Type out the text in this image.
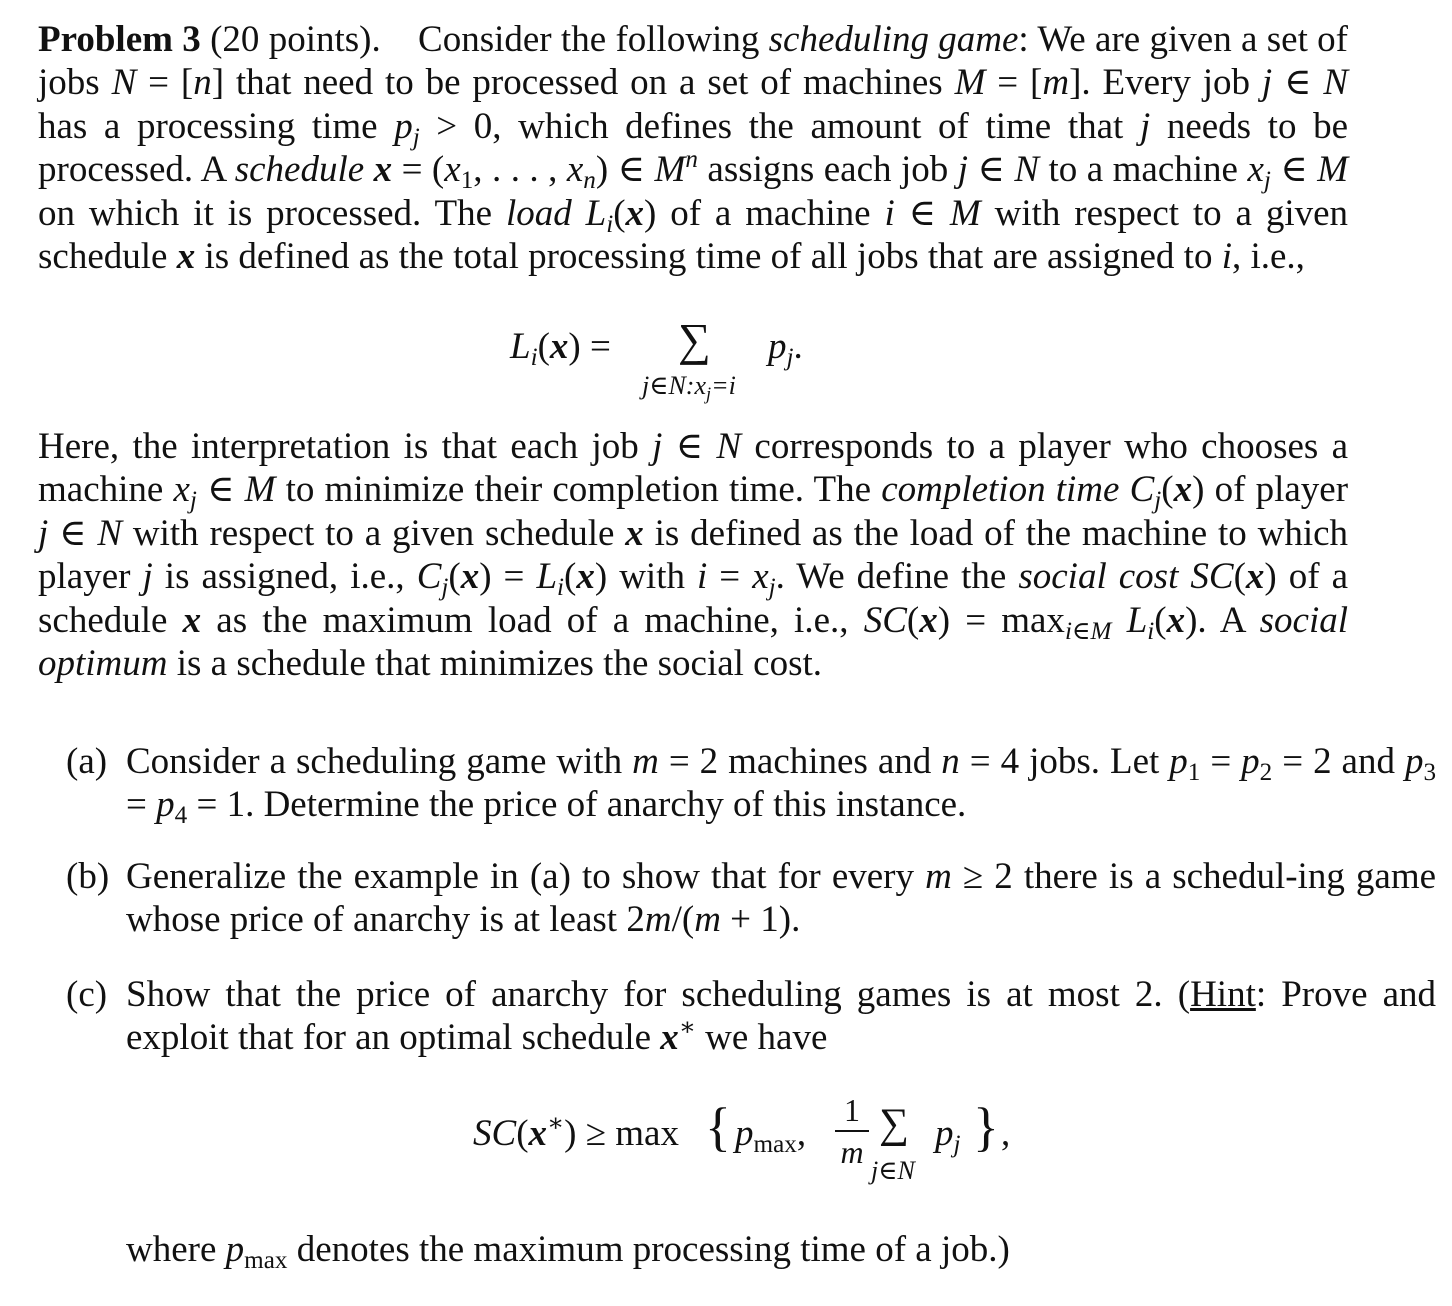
Problem 3 (20 points). Consider the following scheduling game: We are given a set of jobs N = [n] that need to be processed on a set of machines M = [m]. Every job j ∈ N has a processing time pj > 0, which defines the amount of time that j needs to be processed. A schedule $x = (x_1$, . . . , xn) ∈ $M^n$ assigns each job j ∈ N to a machine xj ∈ M on which it is processed. The load Li(x) of a machine i ∈ M with respect to a given schedule x is defined as the total processing time of all jobs that are assigned to i, i.e.,
Li(x) = ∑ pj.
$j\in N:x_j=i$
Here, the interpretation is that each job j ∈ N corresponds to a player who chooses a machine xj ∈ M to minimize their completion time. The completion time Cj(x) of player j ∈ N with respect to a given schedule x is defined as the load of the machine to which player j is assigned, i.e., Cj(x) = Li(x) with i = xj. We define the social cost SC(x) of a schedule x as the maximum load of a machine, i.e., SC(x) = maxi∈M Li(x). A social optimum is a schedule that minimizes the social cost.
(a) Consider a scheduling game with m = 2 machines and n = 4 jobs. Let $p_1 = p_2 = 2$ and $p_3 = p_4 = 1$. Determine the price of anarchy of this instance.
(b) Generalize the example in (a) to show that for every m ≥ 2 there is a schedul-ing game whose price of anarchy is at least 2m/(m + 1).
(c) Show that the price of anarchy for scheduling games is at most 2. (Hint: Prove and exploit that for an optimal schedule x∗ we have
SC(x∗) ≥ max { $p_{max}$,
1
m
∑ pj } ,
j∈N
where $p_{max}$ denotes the maximum processing time of a job.)
